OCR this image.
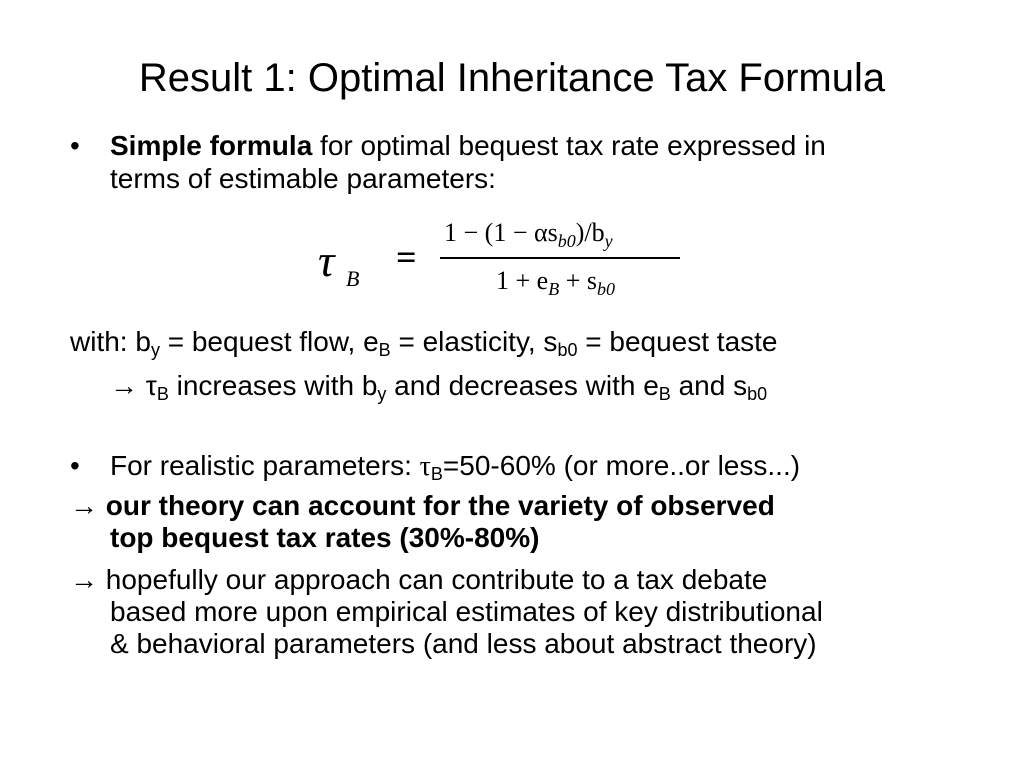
Result 1: Optimal Inheritance Tax Formula
• Simple formula for optimal bequest tax rate expressed in
terms of estimable parameters:
τ B
=
$1 - (1 - \alpha s_{b0})/b_y$
$1 + e_B + s_{b0}$
with: $b_y$ = bequest flow, $e_B$ = elasticity, $s_{b0}$ = bequest taste
→ $\tau_B$ increases with $b_y$ and decreases with $e_B$ and $s_{b0}$
• For realistic parameters: $\tau_B=50-60\%$ (or more..or less...)
→ our theory can account for the variety of observed
top bequest tax rates (30%-80%)
→ hopefully our approach can contribute to a tax debate
based more upon empirical estimates of key distributional
& behavioral parameters (and less about abstract theory)
